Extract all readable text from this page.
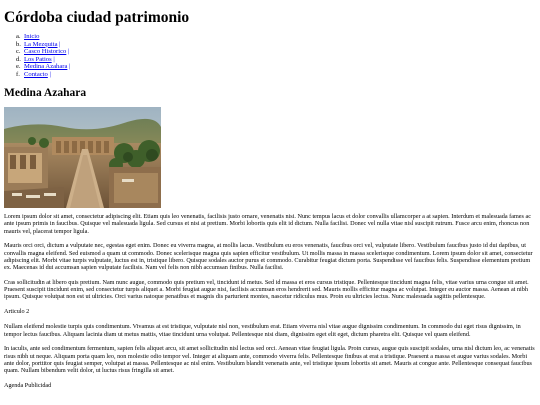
Córdoba ciudad patrimonio
a. Inicio
b. La Mezquita |
c. Casco Historico |
d. Los Patios |
e. Medina Azahara |
f. Contacto |
Medina Azahara

Lorem ipsum dolor sit amet, consectetur adipiscing elit. Etiam quis leo venenatis, facilisis justo ornare, venenatis nisi. Nunc tempus lacus et dolor convallis ullamcorper a at sapien. Interdum et malesuada fames ac ante ipsum primis in faucibus. Quisque vel malesuada ligula. Sed cursus et nisi at pretium. Morbi lobortis quis elit id dictum. Nulla facilisi. Donec vel nulla vitae nisl suscipit rutrum. Fusce arcu enim, rhoncus non mauris vel, placerat tempor ligula.

Mauris orci orci, dictum a vulputate nec, egestas eget enim. Donec eu viverra magna, at mollis lacus. Vestibulum eu eros venenatis, faucibus orci vel, vulputate libero. Vestibulum faucibus justo id dui dapibus, ut convallis magna eleifend. Sed euismod a quam ut commodo. Donec scelerisque magna quis sapien efficitur vestibulum. Ut mollis massa in massa scelerisque condimentum. Lorem ipsum dolor sit amet, consectetur adipiscing elit. Morbi vitae turpis vulputate, luctus est in, tristique libero. Quisque sodales auctor purus et commodo. Curabitur feugiat dictum porta. Suspendisse vel faucibus felis. Suspendisse elementum pretium ex. Maecenas id dui accumsan sapien vulputate facilisis. Nam vel felis non nibh accumsan finibus. Nulla facilisi.

Cras sollicitudin at libero quis pretium. Nam nunc augue, commodo quis pretium vel, tincidunt id metus. Sed id massa et eros cursus tristique. Pellentesque tincidunt magna felis, vitae varius urna congue sit amet. Praesent suscipit tincidunt enim, sed consectetur turpis aliquet a. Morbi feugiat augue nisi, facilisis accumsan eros hendrerit sed. Mauris mollis efficitur magna ac volutpat. Integer eu auctor massa. Aenean at nibh ipsum. Quisque volutpat non est ut ultricies. Orci varius natoque penatibus et magnis dis parturient montes, nascetur ridiculus mus. Proin eu ultricies lectus. Nunc malesuada sagittis pellentesque.

Articulo 2

Nullam eleifend molestie turpis quis condimentum. Vivamus at est tristique, vulputate nisl non, vestibulum erat. Etiam viverra nisl vitae augue dignissim condimentum. In commodo dui eget risus dignissim, in tempor lectus faucibus. Aliquam lacinia diam ut metus mattis, vitae tincidunt urna volutpat. Pellentesque nisi diam, dignissim eget elit eget, dictum pharetra elit. Quisque vel quam eleifend.

In iaculis, ante sed condimentum fermentum, sapien felis aliquet arcu, sit amet sollicitudin nisl lectus sed orci. Aenean vitae feugiat ligula. Proin cursus, augue quis suscipit sodales, urna nisl dictum leo, ac venenatis risus nibh ut neque. Aliquam porta quam leo, non molestie odio tempor vel. Integer at aliquam ante, commodo viverra felis. Pellentesque finibus at erat a tristique. Praesent a massa et augue varius sodales. Morbi ante dolor, porttitor quis feugiat semper, volutpat at massa. Pellentesque ac nisl enim. Vestibulum blandit venenatis ante, vel tristique ipsum lobortis sit amet. Mauris at congue ante. Pellentesque consequat faucibus quam. Nullam bibendum velit dolor, ut luctus risus fringilla sit amet.

Agenda Publicidad
